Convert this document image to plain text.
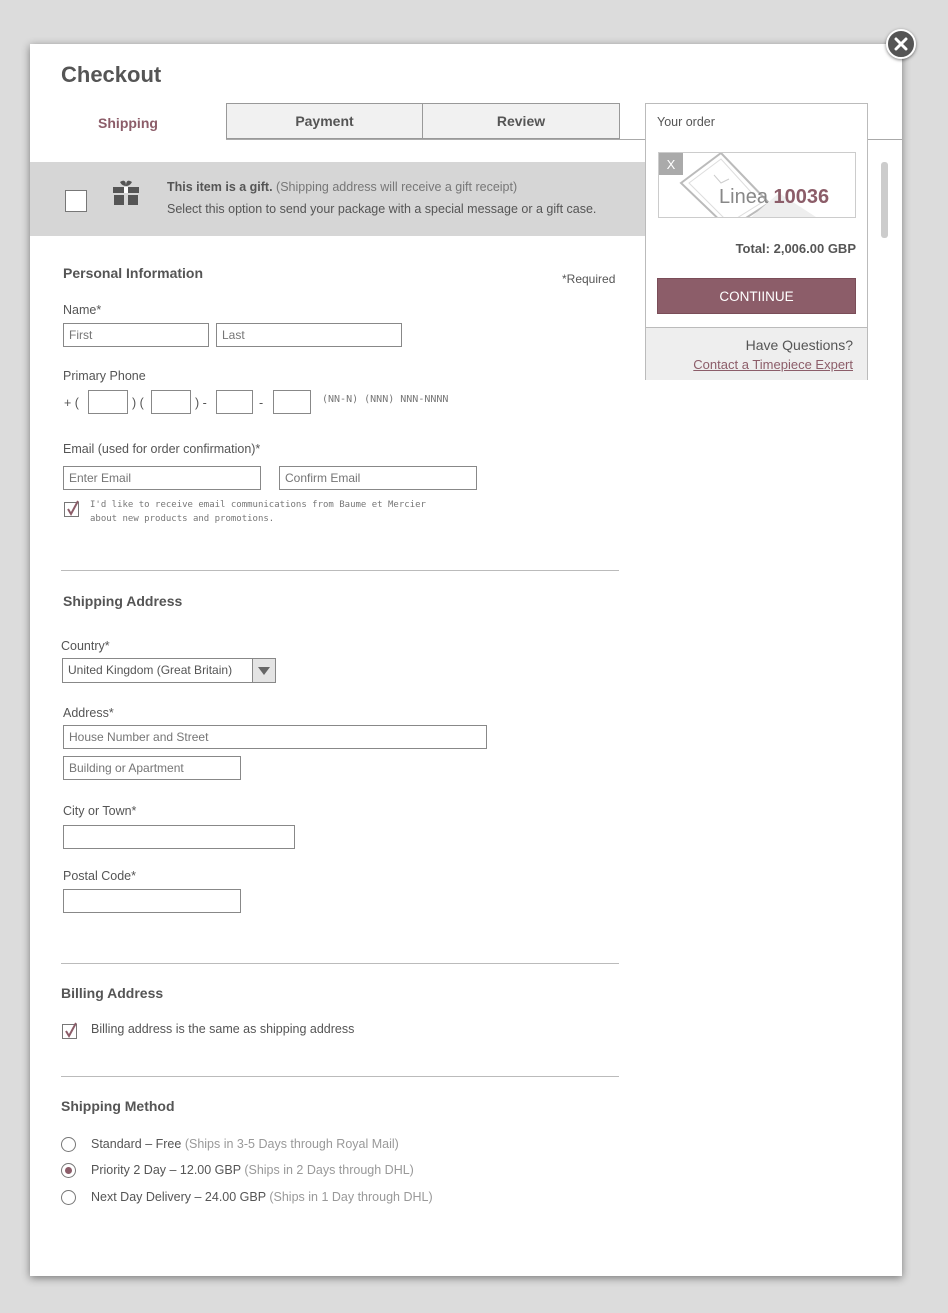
Checkout
Shipping	Payment	Review
This item is a gift. (Shipping address will receive a gift receipt)
Select this option to send your package with a special message or a gift case.
Personal Information	*Required
Name*
First
Last
Primary Phone
+ (	) (	) -	-	(NN-N) (NNN) NNN-NNNN
Email (used for order confirmation)*
Enter Email
Confirm Email
I'd like to receive email communications from Baume et Mercier
about new products and promotions.
Shipping Address
Country*
United Kingdom (Great Britain)
Address*
House Number and Street
Building or Apartment
City or Town*
Postal Code*
Billing Address
Billing address is the same as shipping address
Shipping Method
Standard – Free (Ships in 3-5 Days through Royal Mail)
Priority 2 Day – 12.00 GBP (Ships in 2 Days through DHL)
Next Day Delivery – 24.00 GBP (Ships in 1 Day through DHL)
Your order
X
Linea 10036
Total: 2,006.00 GBP
CONTIINUE
Have Questions?
Contact a Timepiece Expert
